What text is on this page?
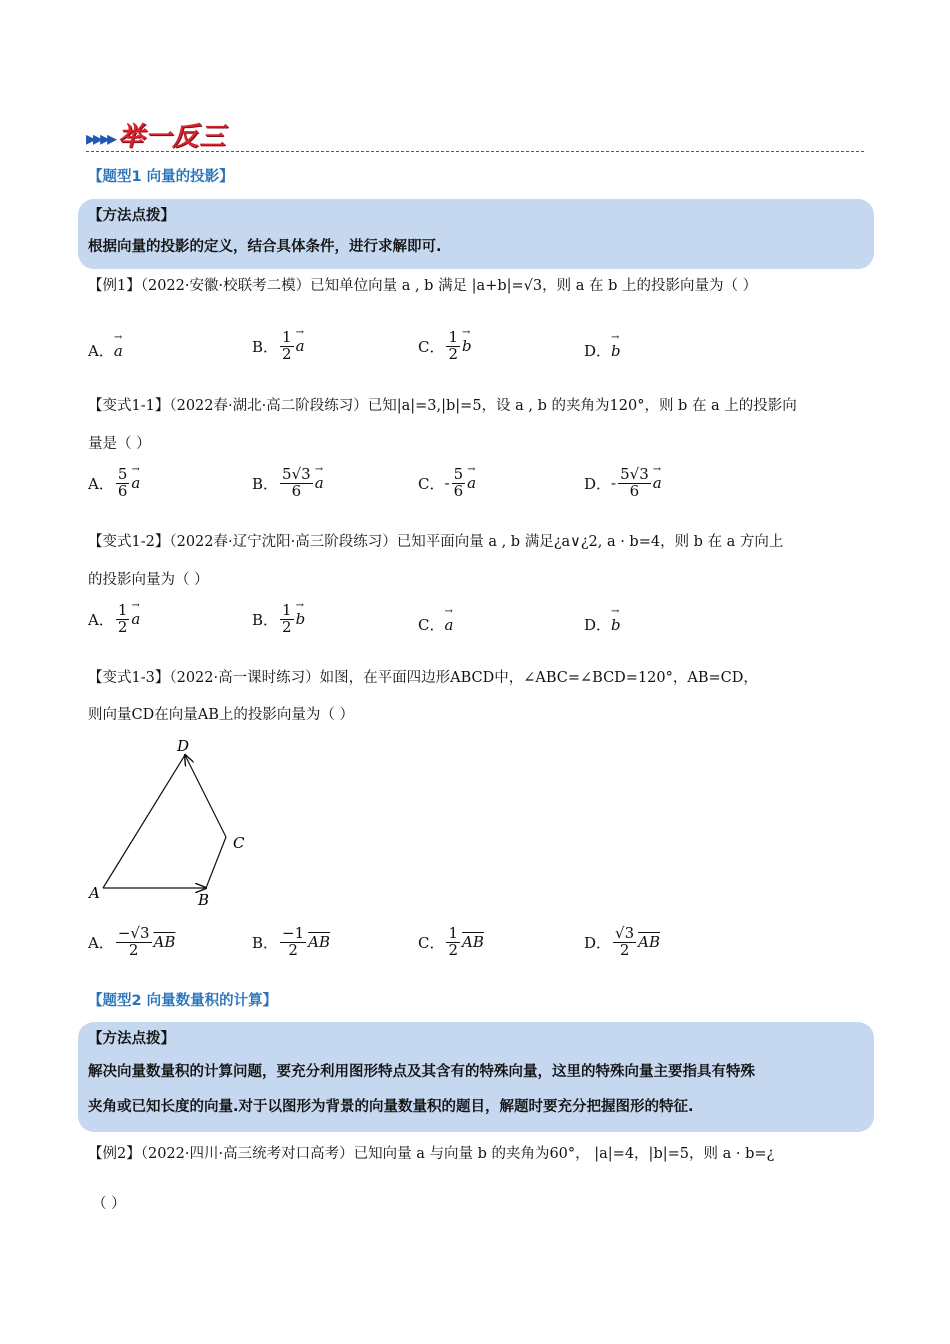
▸▸▸▸ 举一反三
【题型1 向量的投影】
【方法点拨】
根据向量的投影的定义，结合具体条件，进行求解即可.
【例1】（2022·安徽·校联考二模）已知单位向量 a , b 满足 |a+b|=√3，则 a 在 b 上的投影向量为（ ）
A． → a	B． $\frac{1}{2} \to a$	C． $\frac{1}{2} \to b$	D． → b
【变式1-1】（2022春·湖北·高二阶段练习）已知|a|=3,|b|=5，设 a , b 的夹角为120°，则 b 在 a 上的投影向
量是（ ）
A． $\frac{5}{6} \to a$	B． $\frac{5√3}{6} \to a$	C． - $\frac{5}{6} \to a$	D． - $\frac{5√3}{6} \to a$
【变式1-2】（2022春·辽宁沈阳·高三阶段练习）已知平面向量 a , b 满足¿a∨¿2, a · b=4，则 b 在 a 方向上
的投影向量为（ ）
A． $\frac{1}{2} \to a$	B． $\frac{1}{2} \to b$	C． → a	D． → b
【变式1-3】（2022·高一课时练习）如图，在平面四边形ABCD中，∠ABC=∠BCD=120°，AB=CD，
则向量CD在向量AB上的投影向量为（ ）
A	B
C
D
A． $\frac{-√3}{2} \overline{AB}$	B． $\frac{-1}{2} \overline{AB}$	C． $\frac{1}{2} \overline{AB}$	D． $\frac{√3}{2} \overline{AB}$
【题型2 向量数量积的计算】
【方法点拨】
解决向量数量积的计算问题，要充分利用图形特点及其含有的特殊向量，这里的特殊向量主要指具有特殊
夹角或已知长度的向量.对于以图形为背景的向量数量积的题目，解题时要充分把握图形的特征.
【例2】（2022·四川·高三统考对口高考）已知向量 a 与向量 b 的夹角为60°， |a|=4，|b|=5，则 a · b=¿
（ ）
